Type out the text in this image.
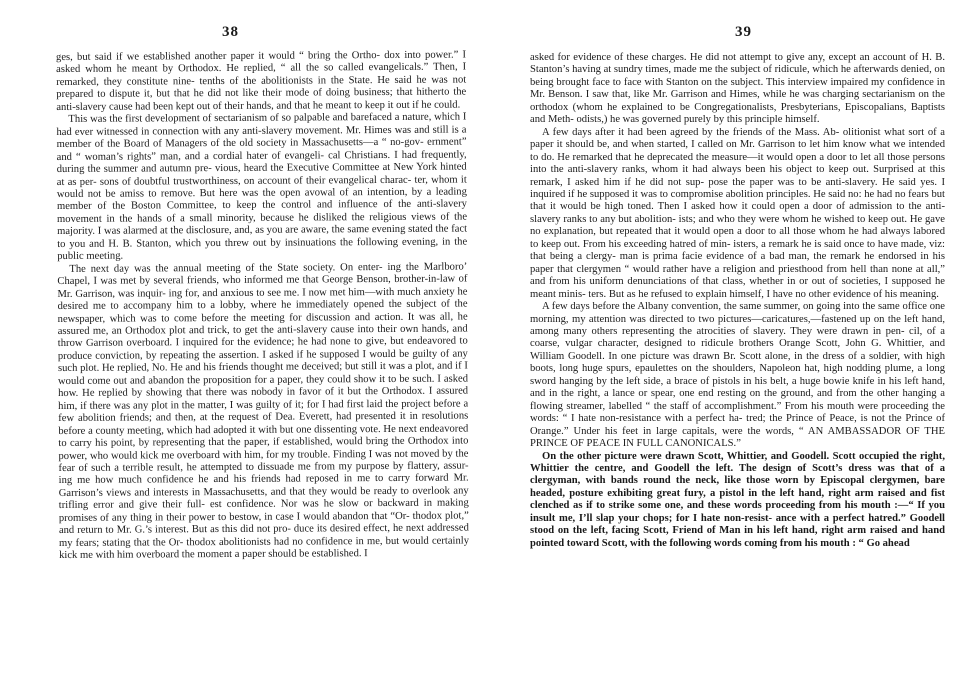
38

ges, but said if we established another paper it would “ bring the Ortho- dox into power.” I asked whom he meant by Orthodox. He replied, “ all the so called evangelicals.” Then, I remarked, they constitute nine- tenths of the abolitionists in the State. He said he was not prepared to dispute it, but that he did not like their mode of doing business; that hitherto the anti-slavery cause had been kept out of their hands, and that he meant to keep it out if he could.

This was the first development of sectarianism of so palpable and barefaced a nature, which I had ever witnessed in connection with any anti-slavery movement. Mr. Himes was and still is a member of the Board of Managers of the old society in Massachusetts—a “ no-gov- ernment” and “ woman’s rights” man, and a cordial hater of evangeli- cal Christians. I had frequently, during the summer and autumn pre- vious, heard the Executive Committee at New York hinted at as per- sons of doubtful trustworthiness, on account of their evangelical charac- ter, whom it would not be amiss to remove. But here was the open avowal of an intention, by a leading member of the Boston Committee, to keep the control and influence of the anti-slavery movement in the hands of a small minority, because he disliked the religious views of the majority. I was alarmed at the disclosure, and, as you are aware, the same evening stated the fact to you and H. B. Stanton, which you threw out by insinuations the following evening, in the public meeting.

The next day was the annual meeting of the State society. On enter- ing the Marlboro’ Chapel, I was met by several friends, who informed me that George Benson, brother-in-law of Mr. Garrison, was inquir- ing for, and anxious to see me. I now met him—with much anxiety he desired me to accompany him to a lobby, where he immediately opened the subject of the newspaper, which was to come before the meeting for discussion and action. It was all, he assured me, an Orthodox plot and trick, to get the anti-slavery cause into their own hands, and throw Garrison overboard. I inquired for the evidence; he had none to give, but endeavored to produce conviction, by repeating the assertion. I asked if he supposed I would be guilty of any such plot. He replied, No. He and his friends thought me deceived; but still it was a plot, and if I would come out and abandon the proposition for a paper, they could show it to be such. I asked how. He replied by showing that there was nobody in favor of it but the Orthodox. I assured him, if there was any plot in the matter, I was guilty of it; for I had first laid the project before a few abolition friends; and then, at the request of Dea. Everett, had presented it in resolutions before a county meeting, which had adopted it with but one dissenting vote. He next endeavored to carry his point, by representing that the paper, if established, would bring the Orthodox into power, who would kick me overboard with him, for my trouble. Finding I was not moved by the fear of such a terrible result, he attempted to dissuade me from my purpose by flattery, assur- ing me how much confidence he and his friends had reposed in me to carry forward Mr. Garrison’s views and interests in Massachusetts, and that they would be ready to overlook any trifling error and give their full- est confidence. Nor was he slow or backward in making promises of any thing in their power to bestow, in case I would abandon that “Or- thodox plot,” and return to Mr. G.’s interest. But as this did not pro- duce its desired effect, he next addressed my fears; stating that the Or- thodox abolitionists had no confidence in me, but would certainly kick me with him overboard the moment a paper should be established. I

39

asked for evidence of these charges. He did not attempt to give any, except an account of H. B. Stanton’s having at sundry times, made me the subject of ridicule, which he afterwards denied, on being brought face to face with Stanton on the subject. This interview impaired my confidence in Mr. Benson. I saw that, like Mr. Garrison and Himes, while he was charging sectarianism on the orthodox (whom he explained to be Congregationalists, Presbyterians, Episcopalians, Baptists and Meth- odists,) he was governed purely by this principle himself.

A few days after it had been agreed by the friends of the Mass. Ab- olitionist what sort of a paper it should be, and when started, I called on Mr. Garrison to let him know what we intended to do. He remarked that he deprecated the measure—it would open a door to let all those persons into the anti-slavery ranks, whom it had always been his object to keep out. Surprised at this remark, I asked him if he did not sup- pose the paper was to be anti-slavery. He said yes. I inquired if he supposed it was to compromise abolition principles. He said no: he had no fears but that it would be high toned. Then I asked how it could open a door of admission to the anti-slavery ranks to any but abolition- ists; and who they were whom he wished to keep out. He gave no explanation, but repeated that it would open a door to all those whom he had always labored to keep out. From his exceeding hatred of min- isters, a remark he is said once to have made, viz: that being a clergy- man is prima facie evidence of a bad man, the remark he endorsed in his paper that clergymen “ would rather have a religion and priesthood from hell than none at all,” and from his uniform denunciations of that class, whether in or out of societies, I supposed he meant minis- ters. But as he refused to explain himself, I have no other evidence of his meaning.

A few days before the Albany convention, the same summer, on going into the same office one morning, my attention was directed to two pictures—caricatures,—fastened up on the left hand, among many others representing the atrocities of slavery. They were drawn in pen- cil, of a coarse, vulgar character, designed to ridicule brothers Orange Scott, John G. Whittier, and William Goodell. In one picture was drawn Br. Scott alone, in the dress of a soldier, with high boots, long huge spurs, epaulettes on the shoulders, Napoleon hat, high nodding plume, a long sword hanging by the left side, a brace of pistols in his belt, a huge bowie knife in his left hand, and in the right, a lance or spear, one end resting on the ground, and from the other hanging a flowing streamer, labelled “ the staff of accomplishment.” From his mouth were proceeding the words: “ I hate non-resistance with a perfect ha- tred; the Prince of Peace, is not the Prince of Orange.” Under his feet in large capitals, were the words, “ AN AMBASSADOR OF THE PRINCE OF PEACE IN FULL CANONICALS.”

On the other picture were drawn Scott, Whittier, and Goodell. Scott occupied the right, Whittier the centre, and Goodell the left. The design of Scott’s dress was that of a clergyman, with bands round the neck, like those worn by Episcopal clergymen, bare headed, posture exhibiting great fury, a pistol in the left hand, right arm raised and fist clenched as if to strike some one, and these words proceeding from his mouth :—“ If you insult me, I’ll slap your chops; for I hate non-resist- ance with a perfect hatred.” Goodell stood on the left, facing Scott, Friend of Man in his left hand, right arm raised and hand pointed toward Scott, with the following words coming from his mouth : “ Go ahead
